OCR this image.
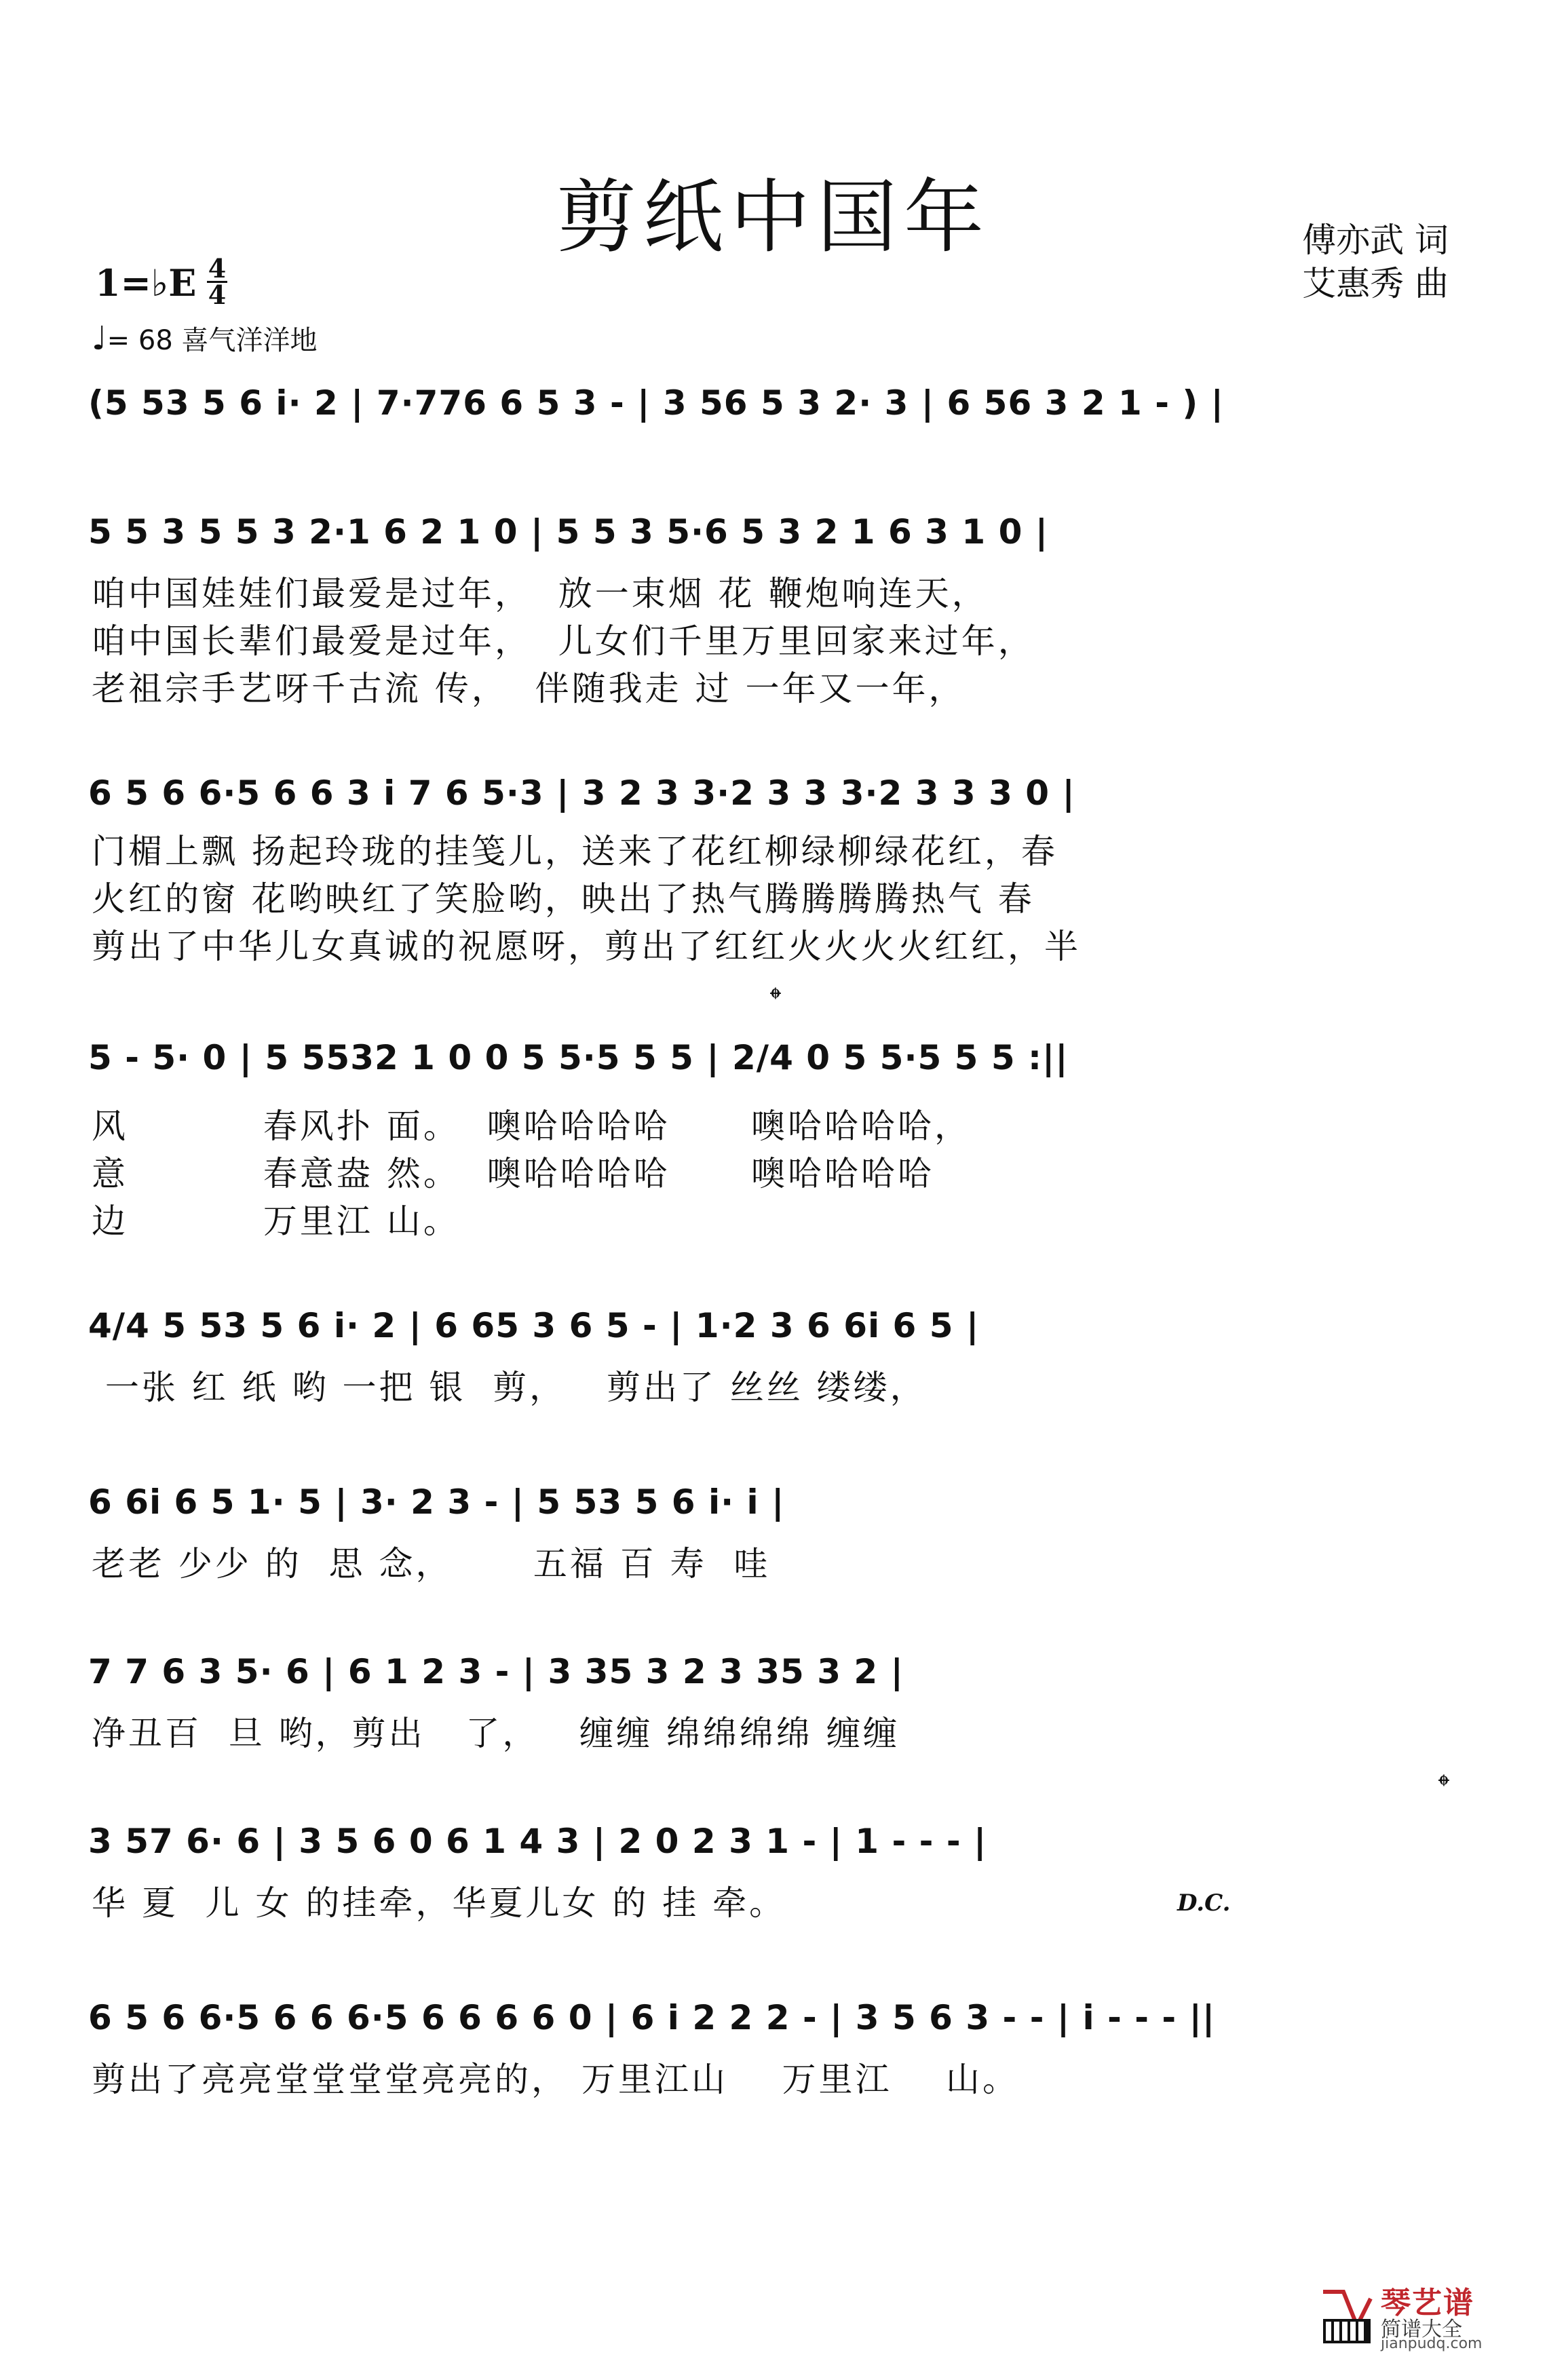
剪纸中国年	傅亦武 词
艾惠秀 曲
1=♭E 4
4
♩= 68 喜气洋洋地
(5 53 5 6 i· 2 | 7·776 6 5 3 - | 3 56 5 3 2· 3 | 6 56 3 2 1 - ) |
5 5 3 5 5 3 2·1 6 2 1 0 | 5 5 3 5·6 5 3 2 1 6 3 1 0 |
咱中国娃娃们最爱是过年，  放一束烟 花 鞭炮响连天，
咱中国长辈们最爱是过年，  儿女们千里万里回家来过年，
老祖宗手艺呀千古流 传，  伴随我走 过 一年又一年，
6 5 6 6·5 6 6 3 i 7 6 5·3 | 3 2 3 3·2 3 3 3·2 3 3 3 0 |
门楣上飘 扬起玲珑的挂笺儿，送来了花红柳绿柳绿花红，春
火红的窗 花哟映红了笑脸哟，映出了热气腾腾腾腾热气 春
剪出了中华儿女真诚的祝愿呀，剪出了红红火火火火红红，半
𝄌
5 - 5· 0 | 5 5532 1 0 0 5 5·5 5 5 | 2/4 0 5 5·5 5 5 :||
风          春风扑 面。  噢哈哈哈哈      噢哈哈哈哈，
意          春意盎 然。  噢哈哈哈哈      噢哈哈哈哈
边          万里江 山。
4/4 5 53 5 6 i· 2 | 6 65 3 6 5 - | 1·2 3 6 6i 6 5 |
一张 红 纸 哟 一把 银  剪，   剪出了 丝丝 缕缕，
6 6i 6 5 1· 5 | 3· 2 3 - | 5 53 5 6 i· i |
老老 少少 的  思 念，      五福 百 寿  哇
7 7 6 3 5· 6 | 6 1 2 3 - | 3 35 3 2 3 35 3 2 |
净丑百  旦 哟，剪出   了，   缠缠 绵绵绵绵 缠缠
𝄌
3 57 6· 6 | 3 5 6 0 6 1 4 3 | 2 0 2 3 1 - | 1 - - - |
华 夏  儿 女 的挂牵，华夏儿女 的 挂 牵。	D.C.
6 5 6 6·5 6 6 6·5 6 6 6 6 0 | 6 i 2 2 2 - | 3 5 6 3 - - | i - - - ||
剪出了亮亮堂堂堂堂亮亮的， 万里江山    万里江    山。
琴艺谱
简谱大全
jianpudq.com
